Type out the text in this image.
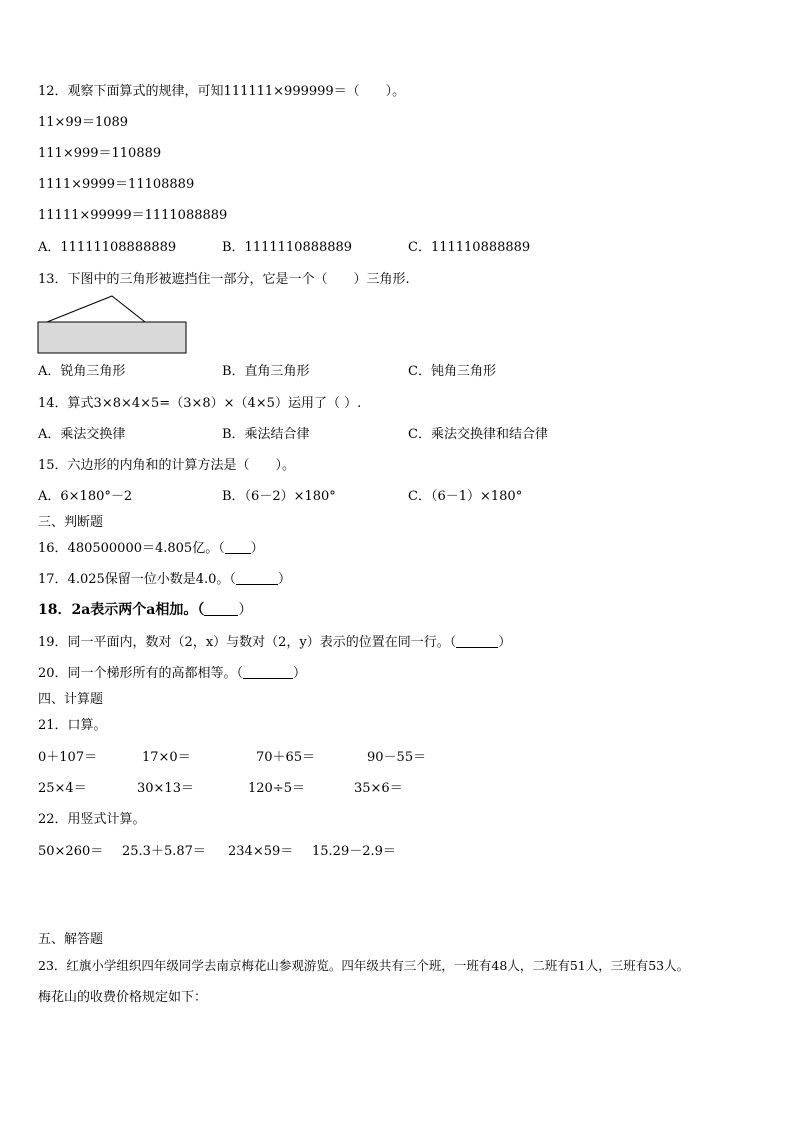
12．观察下面算式的规律，可知111111×999999＝（　　）。
11×99＝1089
111×999＝110889
1111×9999＝11108889
11111×99999＝1111088889
A．11111108888889	B．1111110888889	C．111110888889
13．下图中的三角形被遮挡住一部分，它是一个（　　）三角形.
A．锐角三角形	B．直角三角形	C．钝角三角形
14．算式3×8×4×5=（3×8）×（4×5）运用了（ ）.
A．乘法交换律	B．乘法结合律	C．乘法交换律和结合律
15．六边形的内角和的计算方法是（　　）。
A．6×180°－2	B．（6－2）×180°	C．（6－1）×180°
三、判断题
16．480500000＝4.805亿。（ ）
17．4.025保留一位小数是4.0。（	）
18．2a表示两个a相加。（ ）
19．同一平面内，数对（2，x）与数对（2，y）表示的位置在同一行。（	）
20．同一个梯形所有的高都相等。（	）
四、计算题
21．口算。
0＋107＝	17×0＝	70＋65＝	90－55＝
25×4＝	30×13＝	120÷5＝	35×6＝
22．用竖式计算。
50×260＝ 25.3＋5.87＝ 234×59＝ 15.29－2.9＝
五、解答题
23．红旗小学组织四年级同学去南京梅花山参观游览。四年级共有三个班，一班有48人，二班有51人，三班有53人。
梅花山的收费价格规定如下：
